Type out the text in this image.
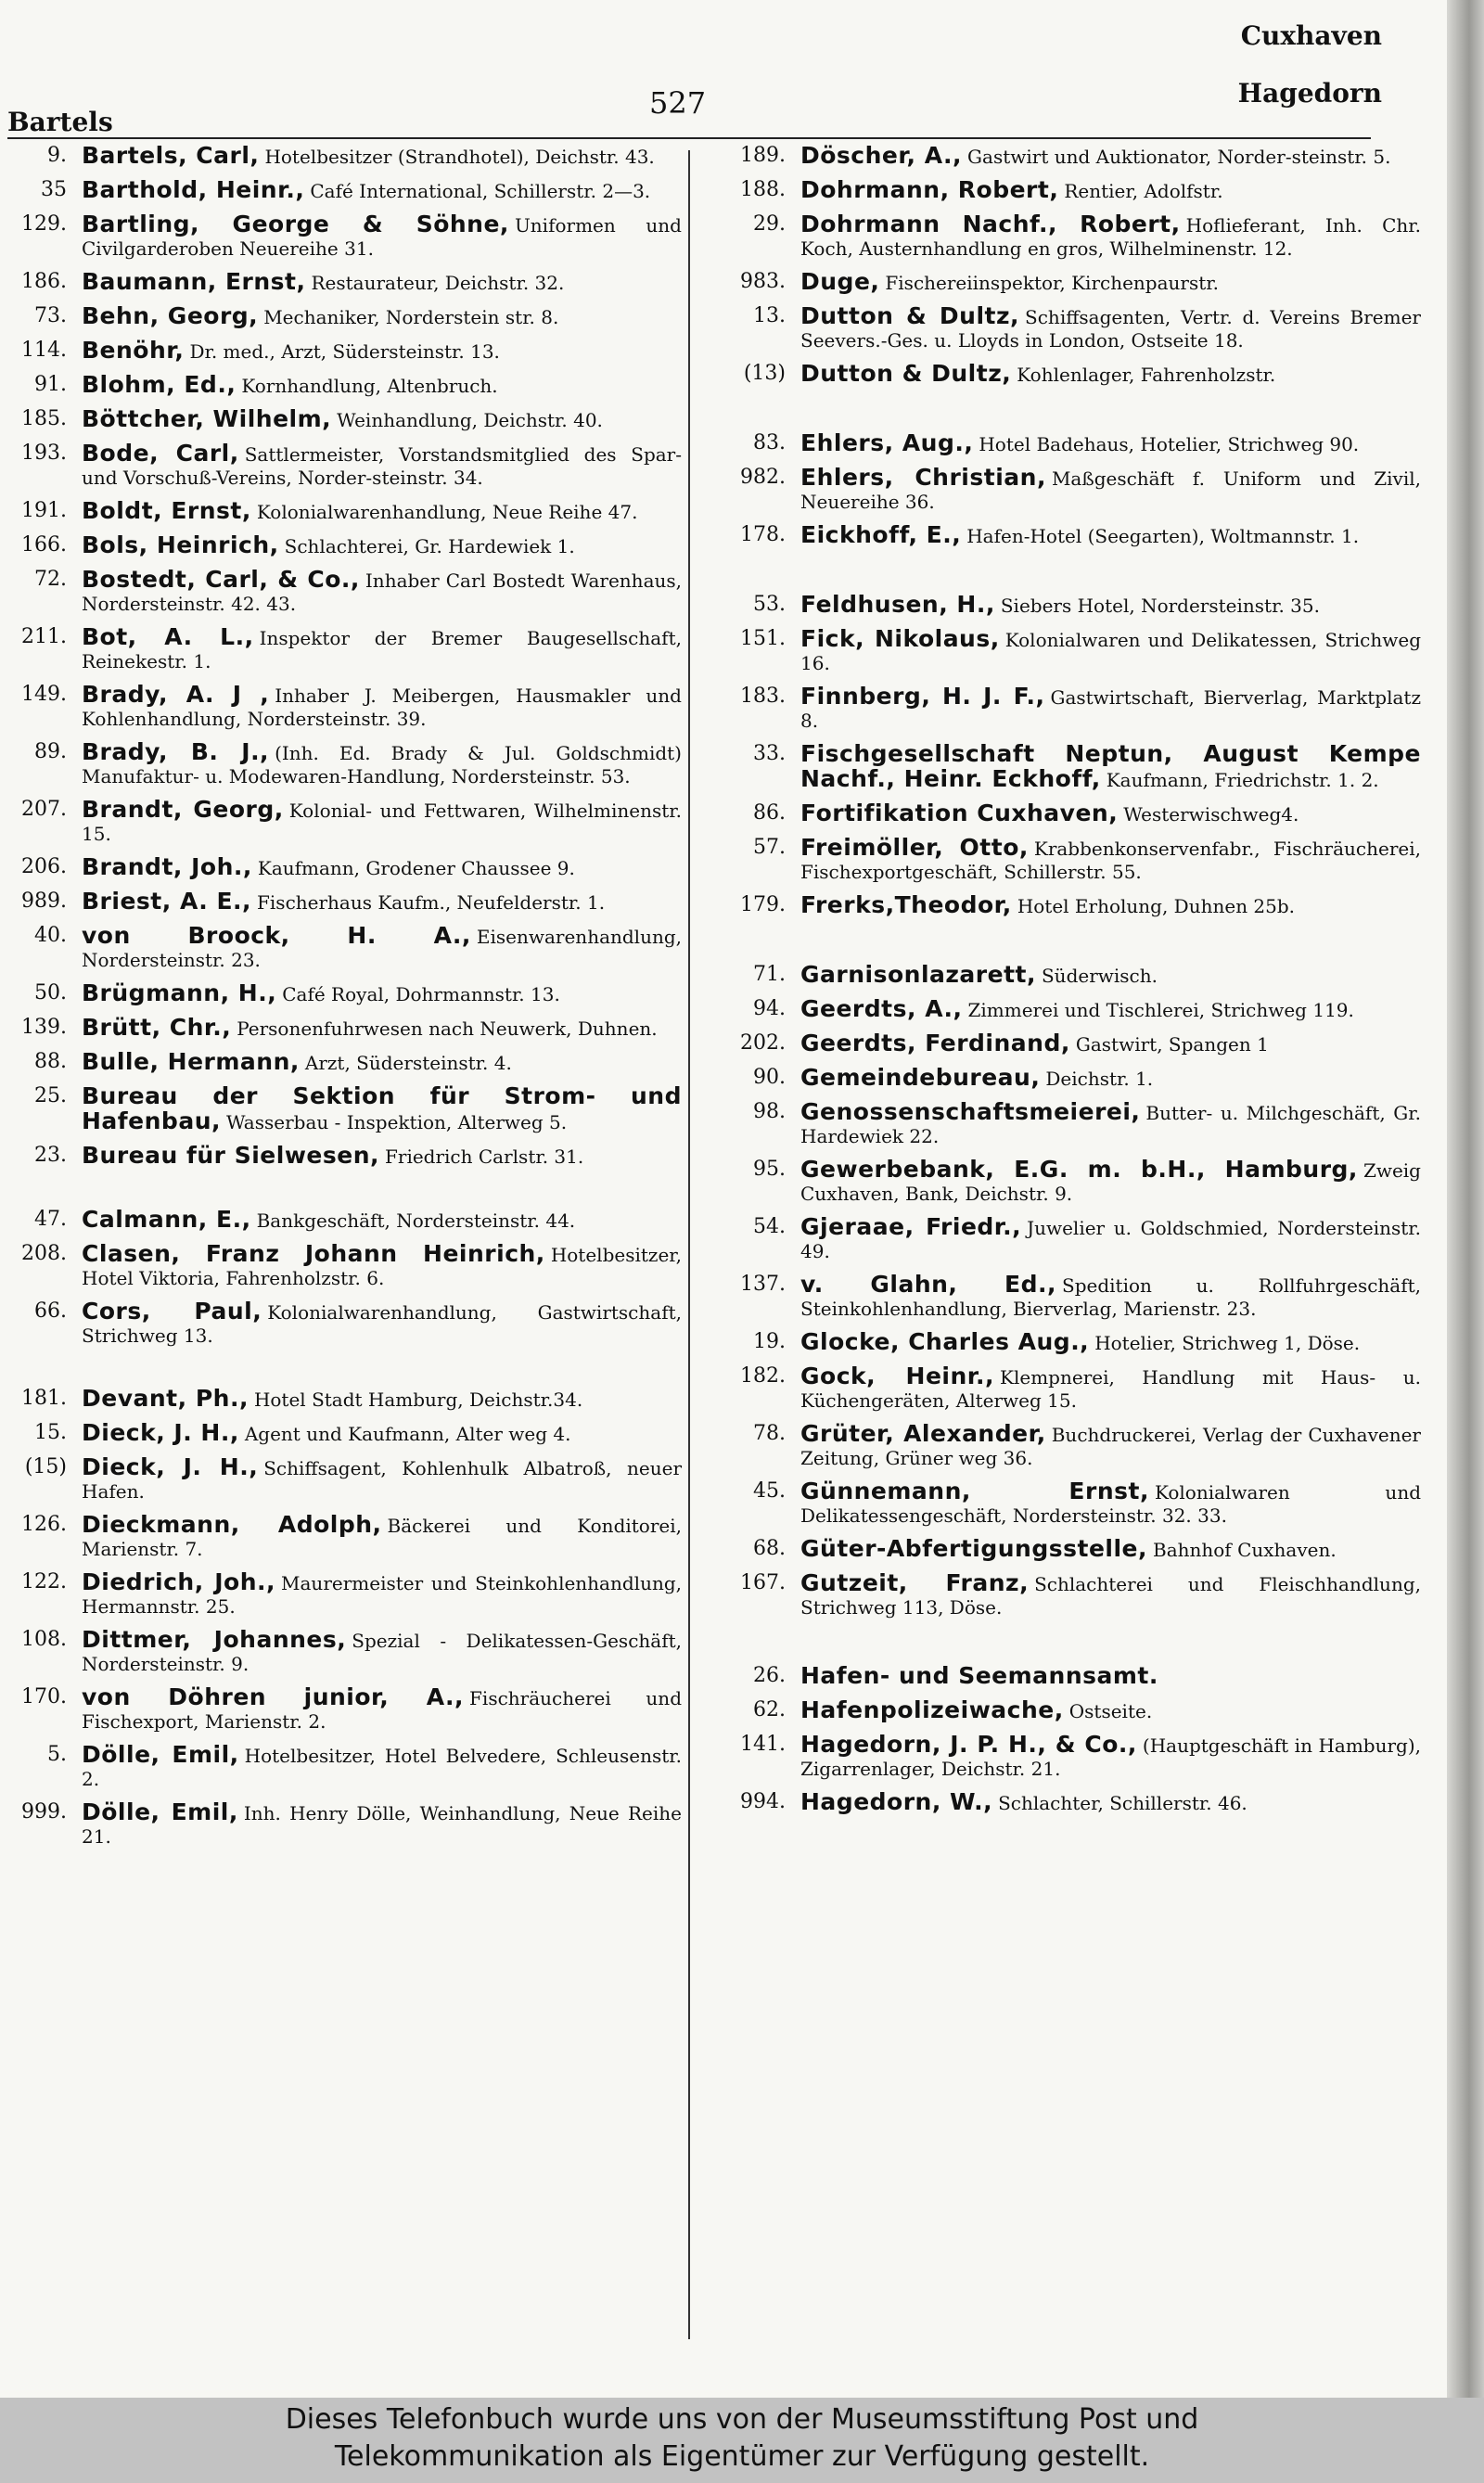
Bartels
527
Cuxhaven
Hagedorn
9. Bartels, Carl, Hotelbesitzer (Strandhotel), Deichstr. 43.
35 Barthold, Heinr., Café International, Schillerstr. 2—3.
129. Bartling, George & Söhne, Uniformen und Civilgarderoben Neuereihe 31.
186. Baumann, Ernst, Restaurateur, Deichstr. 32.
73. Behn, Georg, Mechaniker, Norderstein str. 8.
114. Benöhr, Dr. med., Arzt, Südersteinstr. 13.
91. Blohm, Ed., Kornhandlung, Altenbruch.
185. Böttcher, Wilhelm, Weinhandlung, Deichstr. 40.
193. Bode, Carl, Sattlermeister, Vorstandsmitglied des Spar- und Vorschuß-Vereins, Norder-steinstr. 34.
191. Boldt, Ernst, Kolonialwarenhandlung, Neue Reihe 47.
166. Bols, Heinrich, Schlachterei, Gr. Hardewiek 1.
72. Bostedt, Carl, & Co., Inhaber Carl Bostedt Warenhaus, Nordersteinstr. 42. 43.
211. Bot, A. L., Inspektor der Bremer Baugesellschaft, Reinekestr. 1.
149. Brady, A. J , Inhaber J. Meibergen, Hausmakler und Kohlenhandlung, Nordersteinstr. 39.
89. Brady, B. J., (Inh. Ed. Brady & Jul. Goldschmidt) Manufaktur- u. Modewaren-Handlung, Nordersteinstr. 53.
207. Brandt, Georg, Kolonial- und Fettwaren, Wilhelminenstr. 15.
206. Brandt, Joh., Kaufmann, Grodener Chaussee 9.
989. Briest, A. E., Fischerhaus Kaufm., Neufelderstr. 1.
40. von Broock, H. A., Eisenwarenhandlung, Nordersteinstr. 23.
50. Brügmann, H., Café Royal, Dohrmannstr. 13.
139. Brütt, Chr., Personenfuhrwesen nach Neuwerk, Duhnen.
88. Bulle, Hermann, Arzt, Südersteinstr. 4.
25. Bureau der Sektion für Strom- und Hafenbau, Wasserbau - Inspektion, Alterweg 5.
23. Bureau für Sielwesen, Friedrich Carlstr. 31.
47. Calmann, E., Bankgeschäft, Nordersteinstr. 44.
208. Clasen, Franz Johann Heinrich, Hotelbesitzer, Hotel Viktoria, Fahrenholzstr. 6.
66. Cors, Paul, Kolonialwarenhandlung, Gastwirtschaft, Strichweg 13.
181. Devant, Ph., Hotel Stadt Hamburg, Deichstr.34.
15. Dieck, J. H., Agent und Kaufmann, Alter weg 4.
(15) Dieck, J. H., Schiffsagent, Kohlenhulk Albatroß, neuer Hafen.
126. Dieckmann, Adolph, Bäckerei und Konditorei, Marienstr. 7.
122. Diedrich, Joh., Maurermeister und Steinkohlenhandlung, Hermannstr. 25.
108. Dittmer, Johannes, Spezial - Delikatessen-Geschäft, Nordersteinstr. 9.
170. von Döhren junior, A., Fischräucherei und Fischexport, Marienstr. 2.
5. Dölle, Emil, Hotelbesitzer, Hotel Belvedere, Schleusenstr. 2.
999. Dölle, Emil, Inh. Henry Dölle, Weinhandlung, Neue Reihe 21.
189. Döscher, A., Gastwirt und Auktionator, Norder-steinstr. 5.
188. Dohrmann, Robert, Rentier, Adolfstr.
29. Dohrmann Nachf., Robert, Hoflieferant, Inh. Chr. Koch, Austernhandlung en gros, Wilhelminenstr. 12.
983. Duge, Fischereiinspektor, Kirchenpaurstr.
13. Dutton & Dultz, Schiffsagenten, Vertr. d. Vereins Bremer Seevers.-Ges. u. Lloyds in London, Ostseite 18.
(13) Dutton & Dultz, Kohlenlager, Fahrenholzstr.
83. Ehlers, Aug., Hotel Badehaus, Hotelier, Strichweg 90.
982. Ehlers, Christian, Maßgeschäft f. Uniform und Zivil, Neuereihe 36.
178. Eickhoff, E., Hafen-Hotel (Seegarten), Woltmannstr. 1.
53. Feldhusen, H., Siebers Hotel, Nordersteinstr. 35.
151. Fick, Nikolaus, Kolonialwaren und Delikatessen, Strichweg 16.
183. Finnberg, H. J. F., Gastwirtschaft, Bierverlag, Marktplatz 8.
33. Fischgesellschaft Neptun, August Kempe Nachf., Heinr. Eckhoff, Kaufmann, Friedrichstr. 1. 2.
86. Fortifikation Cuxhaven, Westerwischweg4.
57. Freimöller, Otto, Krabbenkonservenfabr., Fischräucherei, Fischexportgeschäft, Schillerstr. 55.
179. Frerks,Theodor, Hotel Erholung, Duhnen 25b.
71. Garnisonlazarett, Süderwisch.
94. Geerdts, A., Zimmerei und Tischlerei, Strichweg 119.
202. Geerdts, Ferdinand, Gastwirt, Spangen 1
90. Gemeindebureau, Deichstr. 1.
98. Genossenschaftsmeierei, Butter- u. Milchgeschäft, Gr. Hardewiek 22.
95. Gewerbebank, E.G. m. b.H., Hamburg, Zweig Cuxhaven, Bank, Deichstr. 9.
54. Gjeraae, Friedr., Juwelier u. Goldschmied, Nordersteinstr. 49.
137. v. Glahn, Ed., Spedition u. Rollfuhrgeschäft, Steinkohlenhandlung, Bierverlag, Marienstr. 23.
19. Glocke, Charles Aug., Hotelier, Strichweg 1, Döse.
182. Gock, Heinr., Klempnerei, Handlung mit Haus- u. Küchengeräten, Alterweg 15.
78. Grüter, Alexander, Buchdruckerei, Verlag der Cuxhavener Zeitung, Grüner weg 36.
45. Günnemann, Ernst, Kolonialwaren und Delikatessengeschäft, Nordersteinstr. 32. 33.
68. Güter-Abfertigungsstelle, Bahnhof Cuxhaven.
167. Gutzeit, Franz, Schlachterei und Fleischhandlung, Strichweg 113, Döse.
26. Hafen- und Seemannsamt.
62. Hafenpolizeiwache, Ostseite.
141. Hagedorn, J. P. H., & Co., (Hauptgeschäft in Hamburg), Zigarrenlager, Deichstr. 21.
994. Hagedorn, W., Schlachter, Schillerstr. 46.
Dieses Telefonbuch wurde uns von der Museumsstiftung Post und
Telekommunikation als Eigentümer zur Verfügung gestellt.
